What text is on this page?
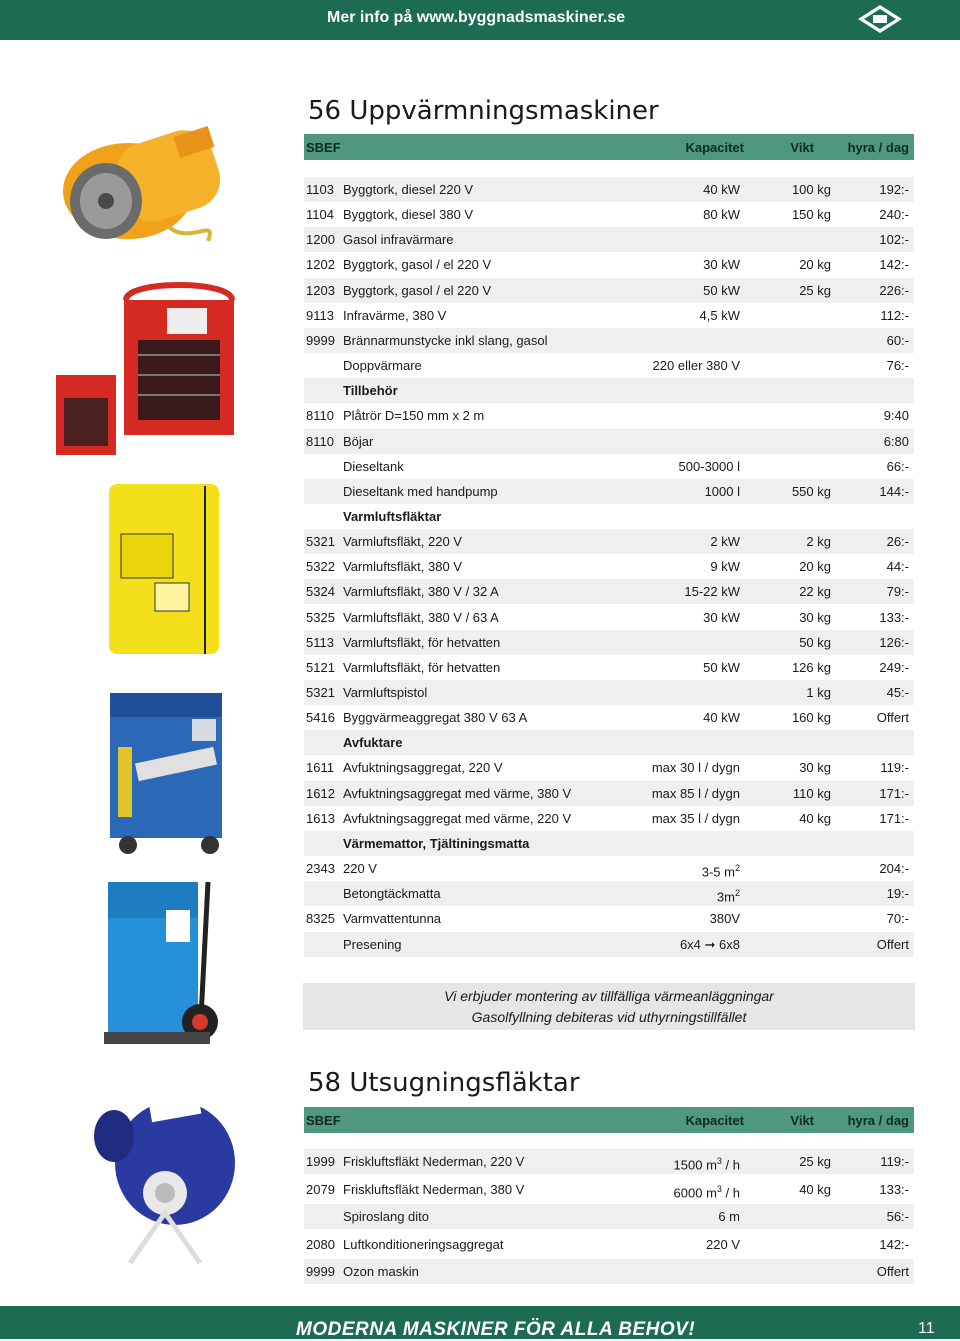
Mer info på www.byggnadsmaskiner.se
56 Uppvärmningsmaskiner
SBEF	Kapacitet	Vikt	hyra / dag
1103 Byggtork, diesel 220 V	40 kW	100 kg	192:-
1104 Byggtork, diesel 380 V	80 kW	150 kg	240:-
1200 Gasol infravärmare	102:-
1202 Byggtork, gasol / el 220 V	30 kW	20 kg	142:-
1203 Byggtork, gasol / el 220 V	50 kW	25 kg	226:-
9113 Infravärme, 380 V	4,5 kW	112:-
9999 Brännarmunstycke inkl slang, gasol	60:-
Doppvärmare	220 eller 380 V	76:-
Tillbehör
8110 Plåtrör D=150 mm x 2 m	9:40
8110 Böjar	6:80
Dieseltank	500-3000 l	66:-
Dieseltank med handpump	1000 l	550 kg	144:-
Varmluftsfläktar
5321 Varmluftsfläkt, 220 V	2 kW	2 kg	26:-
5322 Varmluftsfläkt, 380 V	9 kW	20 kg	44:-
5324 Varmluftsfläkt, 380 V / 32 A	15-22 kW	22 kg	79:-
5325 Varmluftsfläkt, 380 V / 63 A	30 kW	30 kg	133:-
5113 Varmluftsfläkt, för hetvatten	50 kg	126:-
5121 Varmluftsfläkt, för hetvatten	50 kW	126 kg	249:-
5321 Varmluftspistol	1 kg	45:-
5416 Byggvärmeaggregat 380 V 63 A	40 kW	160 kg	Offert
Avfuktare
1611 Avfuktningsaggregat, 220 V	max 30 l / dygn	30 kg	119:-
1612 Avfuktningsaggregat med värme, 380 V	max 85 l / dygn	110 kg	171:-
1613 Avfuktningsaggregat med värme, 220 V	max 35 l / dygn	40 kg	171:-
Värmemattor, Tjältiningsmatta
2343 220 V	3-5 $m^2$	204:-
Betongtäckmatta	$3m^2$	19:-
8325 Varmvattentunna	380V	70:-
Presening	6x4 ➞ 6x8	Offert
Vi erbjuder montering av tillfälliga värmeanläggningar
Gasolfyllning debiteras vid uthyrningstillfället
58 Utsugningsfläktar
SBEF	Kapacitet	Vikt	hyra / dag
1999 Friskluftsfläkt Nederman, 220 V	1500 $m^3$ / h	25 kg	119:-
2079 Friskluftsfläkt Nederman, 380 V	6000 $m^3$ / h	40 kg	133:-
Spiroslang dito	6 m	56:-
2080 Luftkonditioneringsaggregat	220 V	142:-
9999 Ozon maskin	Offert
MODERNA MASKINER FÖR ALLA BEHOV!	11
